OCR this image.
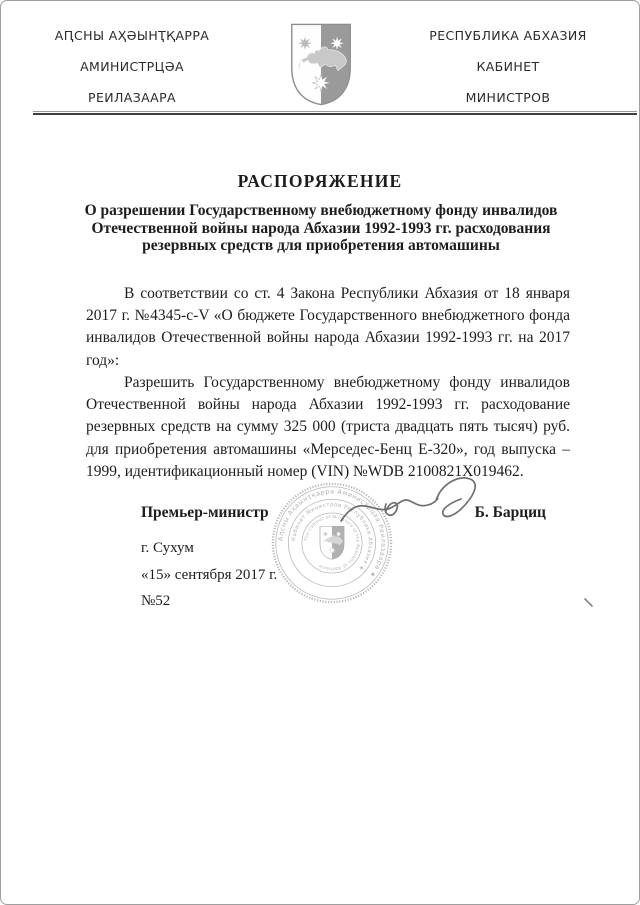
АԤСНЫ АҲӘЫНҬҚАРРА
АМИНИСТРЦӘА
РЕИЛАЗААРА
РЕСПУБЛИКА АБХАЗИЯ
КАБИНЕТ
МИНИСТРОВ
РАСПОРЯЖЕНИЕ
О разрешении Государственному внебюджетному фонду инвалидов
Отечественной войны народа Абхазии 1992-1993 гг. расходования
резервных средств для приобретения автомашины

В соответствии со ст. 4 Закона Республики Абхазия от 18 января 2017 г. №4345-с-V «О бюджете Государственного внебюджетного фонда инвалидов Отечественной войны народа Абхазии 1992-1993 гг. на 2017 год»:

Разрешить Государственному внебюджетному фонду инвалидов Отечественной войны народа Абхазии 1992-1993 гг. расходование резервных средств на сумму 325 000 (триста двадцать пять тысяч) руб. для приобретения автомашины «Мерседес-Бенц Е-320», год выпуска – 1999, идентификационный номер (VIN) №WDB 2100821X019462.

Премьер-министр	Б. Барциц
г. Сухум
«15» сентября 2017 г.
№52
Аԥсны Аҳәынҭқарра Аминистрцәа Реилазаара ★
Кабинет Министров Республики Абхазия ★
The Cabinet of Ministers of the Republic of Abkhazia
